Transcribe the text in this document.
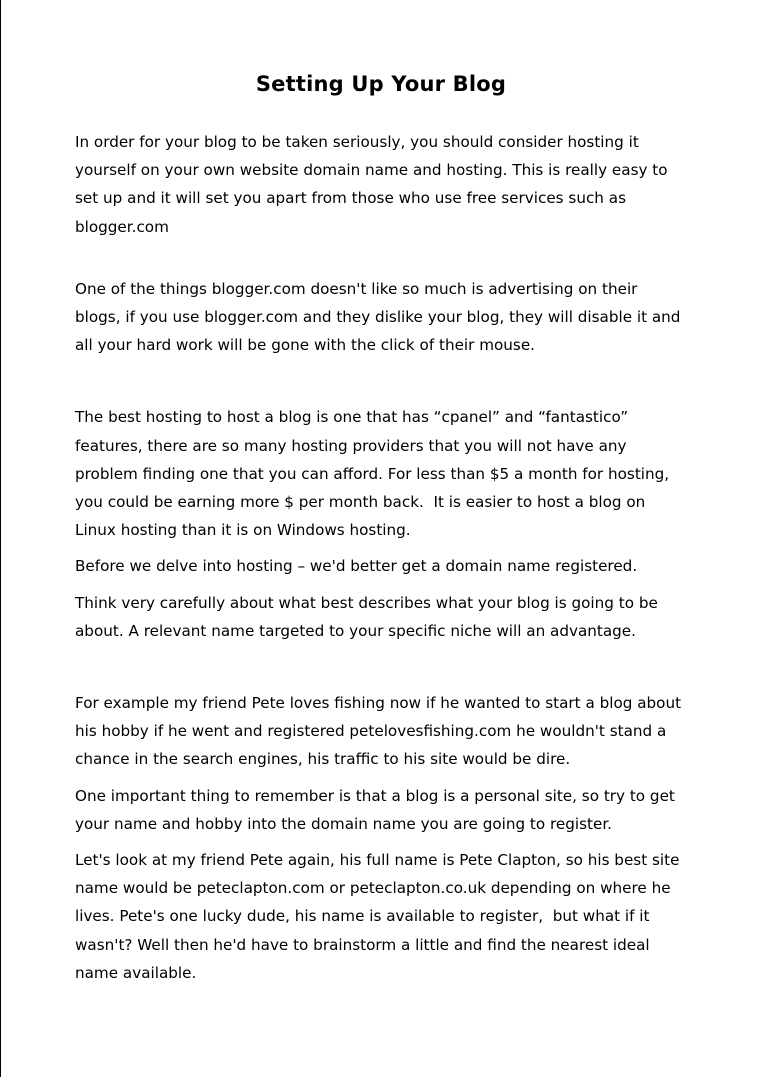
Setting Up Your Blog

In order for your blog to be taken seriously, you should consider hosting it
yourself on your own website domain name and hosting. This is really easy to
set up and it will set you apart from those who use free services such as
blogger.com

One of the things blogger.com doesn't like so much is advertising on their
blogs, if you use blogger.com and they dislike your blog, they will disable it and
all your hard work will be gone with the click of their mouse.

The best hosting to host a blog is one that has “cpanel” and “fantastico”
features, there are so many hosting providers that you will not have any
problem finding one that you can afford. For less than $5 a month for hosting,
you could be earning more $ per month back.  It is easier to host a blog on
Linux hosting than it is on Windows hosting.

Before we delve into hosting – we'd better get a domain name registered.

Think very carefully about what best describes what your blog is going to be
about. A relevant name targeted to your specific niche will an advantage.

For example my friend Pete loves fishing now if he wanted to start a blog about
his hobby if he went and registered petelovesfishing.com he wouldn't stand a
chance in the search engines, his traffic to his site would be dire.

One important thing to remember is that a blog is a personal site, so try to get
your name and hobby into the domain name you are going to register.

Let's look at my friend Pete again, his full name is Pete Clapton, so his best site
name would be peteclapton.com or peteclapton.co.uk depending on where he
lives. Pete's one lucky dude, his name is available to register,  but what if it
wasn't? Well then he'd have to brainstorm a little and find the nearest ideal
name available.
